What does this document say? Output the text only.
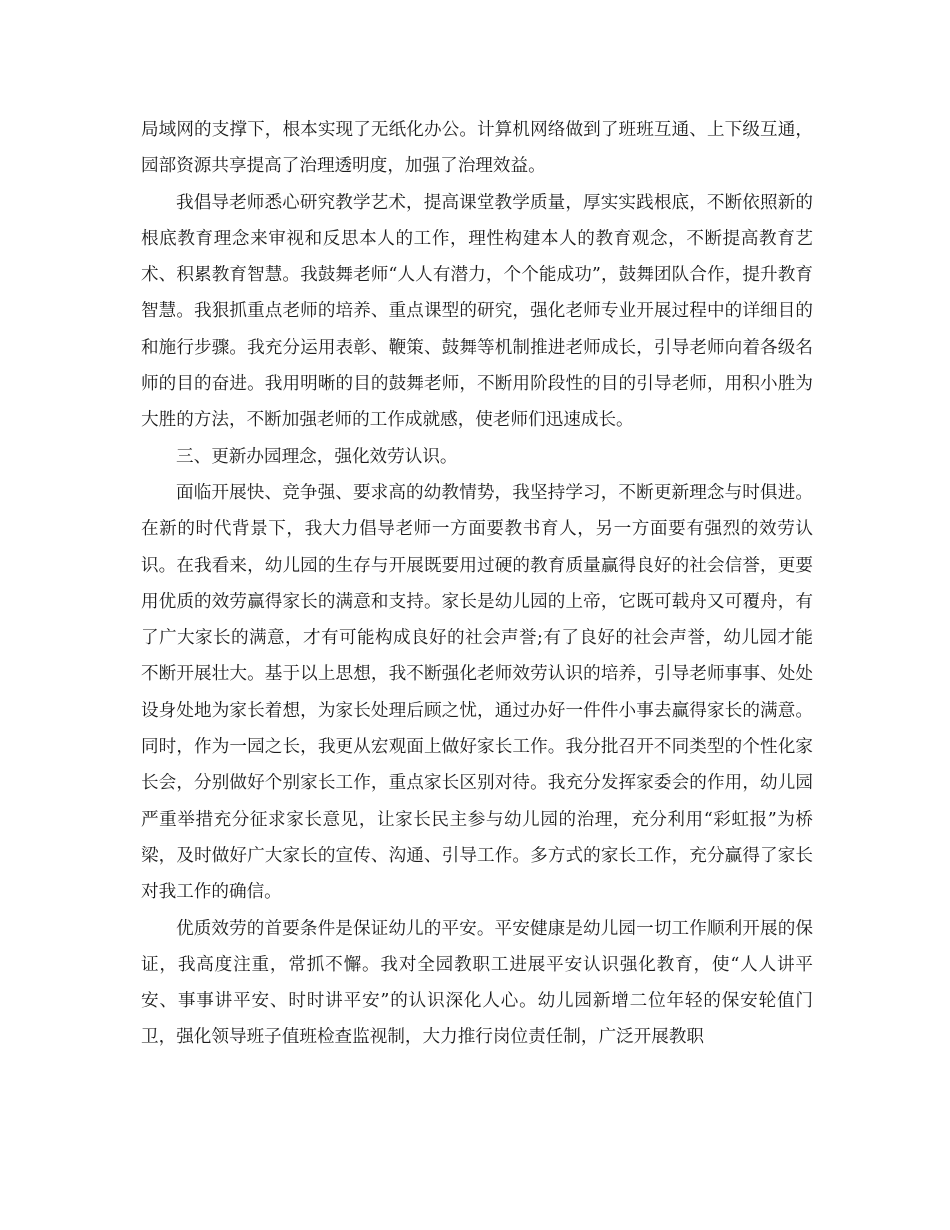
局域网的支撑下，根本实现了无纸化办公。计算机网络做到了班班互通、上下级互通，园部资源共享提高了治理透明度，加强了治理效益。

我倡导老师悉心研究教学艺术，提高课堂教学质量，厚实实践根底，不断依照新的根底教育理念来审视和反思本人的工作，理性构建本人的教育观念，不断提高教育艺术、积累教育智慧。我鼓舞老师“人人有潜力，个个能成功”，鼓舞团队合作，提升教育智慧。我狠抓重点老师的培养、重点课型的研究，强化老师专业开展过程中的详细目的和施行步骤。我充分运用表彰、鞭策、鼓舞等机制推进老师成长，引导老师向着各级名师的目的奋进。我用明晰的目的鼓舞老师，不断用阶段性的目的引导老师，用积小胜为大胜的方法，不断加强老师的工作成就感，使老师们迅速成长。

三、更新办园理念，强化效劳认识。

面临开展快、竞争强、要求高的幼教情势，我坚持学习，不断更新理念与时俱进。在新的时代背景下，我大力倡导老师一方面要教书育人，另一方面要有强烈的效劳认识。在我看来，幼儿园的生存与开展既要用过硬的教育质量赢得良好的社会信誉，更要用优质的效劳赢得家长的满意和支持。家长是幼儿园的上帝，它既可载舟又可覆舟，有了广大家长的满意，才有可能构成良好的社会声誉;有了良好的社会声誉，幼儿园才能不断开展壮大。基于以上思想，我不断强化老师效劳认识的培养，引导老师事事、处处设身处地为家长着想，为家长处理后顾之忧，通过办好一件件小事去赢得家长的满意。同时，作为一园之长，我更从宏观面上做好家长工作。我分批召开不同类型的个性化家长会，分别做好个别家长工作，重点家长区别对待。我充分发挥家委会的作用，幼儿园严重举措充分征求家长意见，让家长民主参与幼儿园的治理，充分利用“彩虹报”为桥梁，及时做好广大家长的宣传、沟通、引导工作。多方式的家长工作，充分赢得了家长对我工作的确信。

优质效劳的首要条件是保证幼儿的平安。平安健康是幼儿园一切工作顺利开展的保证，我高度注重，常抓不懈。我对全园教职工进展平安认识强化教育，使“人人讲平安、事事讲平安、时时讲平安”的认识深化人心。幼儿园新增二位年轻的保安轮值门卫，强化领导班子值班检查监视制，大力推行岗位责任制，广泛开展教职
